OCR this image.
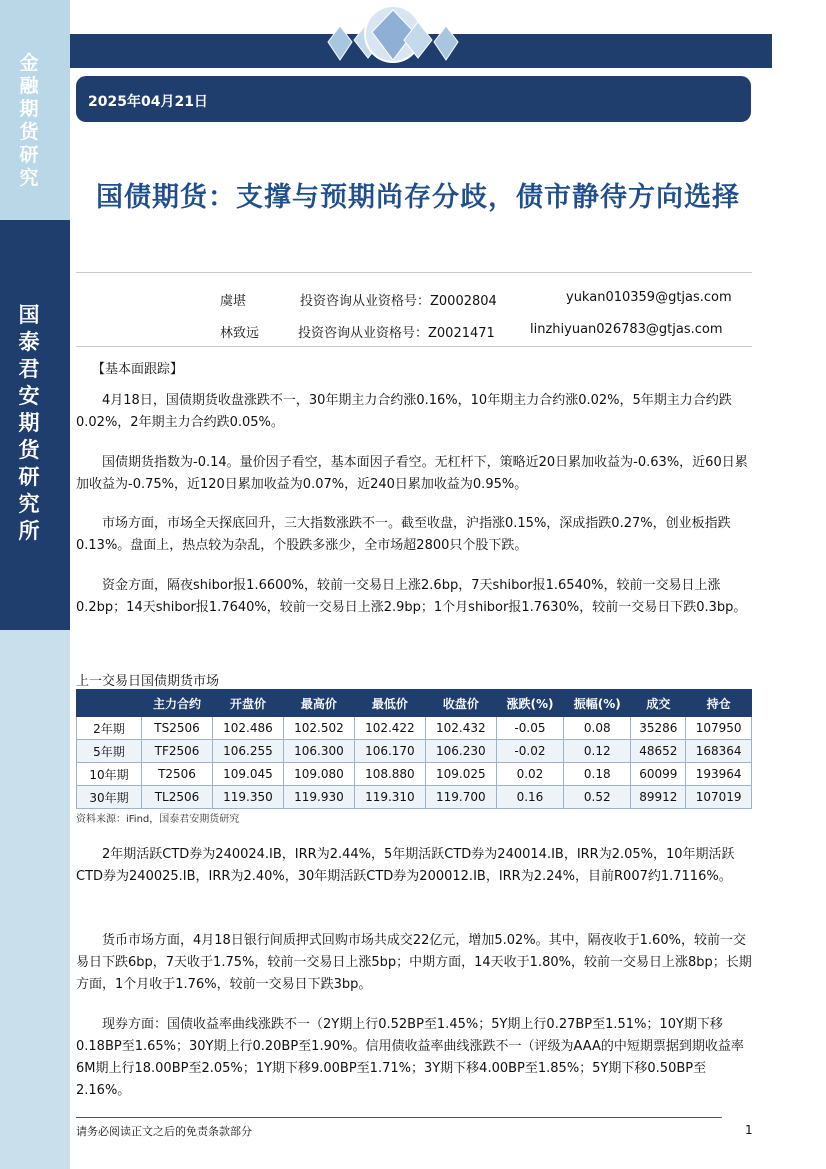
金融期货研究
国泰君安期货研究所
2025年04月21日
国债期货：支撑与预期尚存分歧，债市静待方向选择
虞堪	投资咨询从业资格号：Z0002804	yukan010359@gtjas.com
林致远	投资咨询从业资格号：Z0021471	linzhiyuan026783@gtjas.com
【基本面跟踪】
4月18日，国债期货收盘涨跌不一，30年期主力合约涨0.16%，10年期主力合约涨0.02%，5年期主力合约跌0.02%，2年期主力合约跌0.05%。
国债期货指数为-0.14。量价因子看空，基本面因子看空。无杠杆下，策略近20日累加收益为-0.63%，近60日累加收益为-0.75%，近120日累加收益为0.07%，近240日累加收益为0.95%。
市场方面，市场全天探底回升，三大指数涨跌不一。截至收盘，沪指涨0.15%，深成指跌0.27%，创业板指跌0.13%。盘面上，热点较为杂乱，个股跌多涨少，全市场超2800只个股下跌。
资金方面，隔夜shibor报1.6600%，较前一交易日上涨2.6bp，7天shibor报1.6540%，较前一交易日上涨0.2bp；14天shibor报1.7640%，较前一交易日上涨2.9bp；1个月shibor报1.7630%，较前一交易日下跌0.3bp。
上一交易日国债期货市场
	主力合约	开盘价	最高价	最低价	收盘价	涨跌(%)	振幅(%)	成交	持仓
2年期	TS2506	102.486	102.502	102.422	102.432	-0.05	0.08	35286	107950
5年期	TF2506	106.255	106.300	106.170	106.230	-0.02	0.12	48652	168364
10年期	T2506	109.045	109.080	108.880	109.025	0.02	0.18	60099	193964
30年期	TL2506	119.350	119.930	119.310	119.700	0.16	0.52	89912	107019
资料来源：iFind，国泰君安期货研究
2年期活跃CTD券为240024.IB，IRR为2.44%，5年期活跃CTD券为240014.IB，IRR为2.05%，10年期活跃CTD券为240025.IB，IRR为2.40%，30年期活跃CTD券为200012.IB，IRR为2.24%，目前R007约1.7116%。
货币市场方面，4月18日银行间质押式回购市场共成交22亿元，增加5.02%。其中，隔夜收于1.60%，较前一交易日下跌6bp，7天收于1.75%，较前一交易日上涨5bp；中期方面，14天收于1.80%，较前一交易日上涨8bp；长期方面，1个月收于1.76%，较前一交易日下跌3bp。
现券方面：国债收益率曲线涨跌不一（2Y期上行0.52BP至1.45%；5Y期上行0.27BP至1.51%；10Y期下移0.18BP至1.65%；30Y期上行0.20BP至1.90%。信用债收益率曲线涨跌不一（评级为AAA的中短期票据到期收益率6M期上行18.00BP至2.05%；1Y期下移9.00BP至1.71%；3Y期下移4.00BP至1.85%；5Y期下移0.50BP至2.16%。
请务必阅读正文之后的免责条款部分	1
